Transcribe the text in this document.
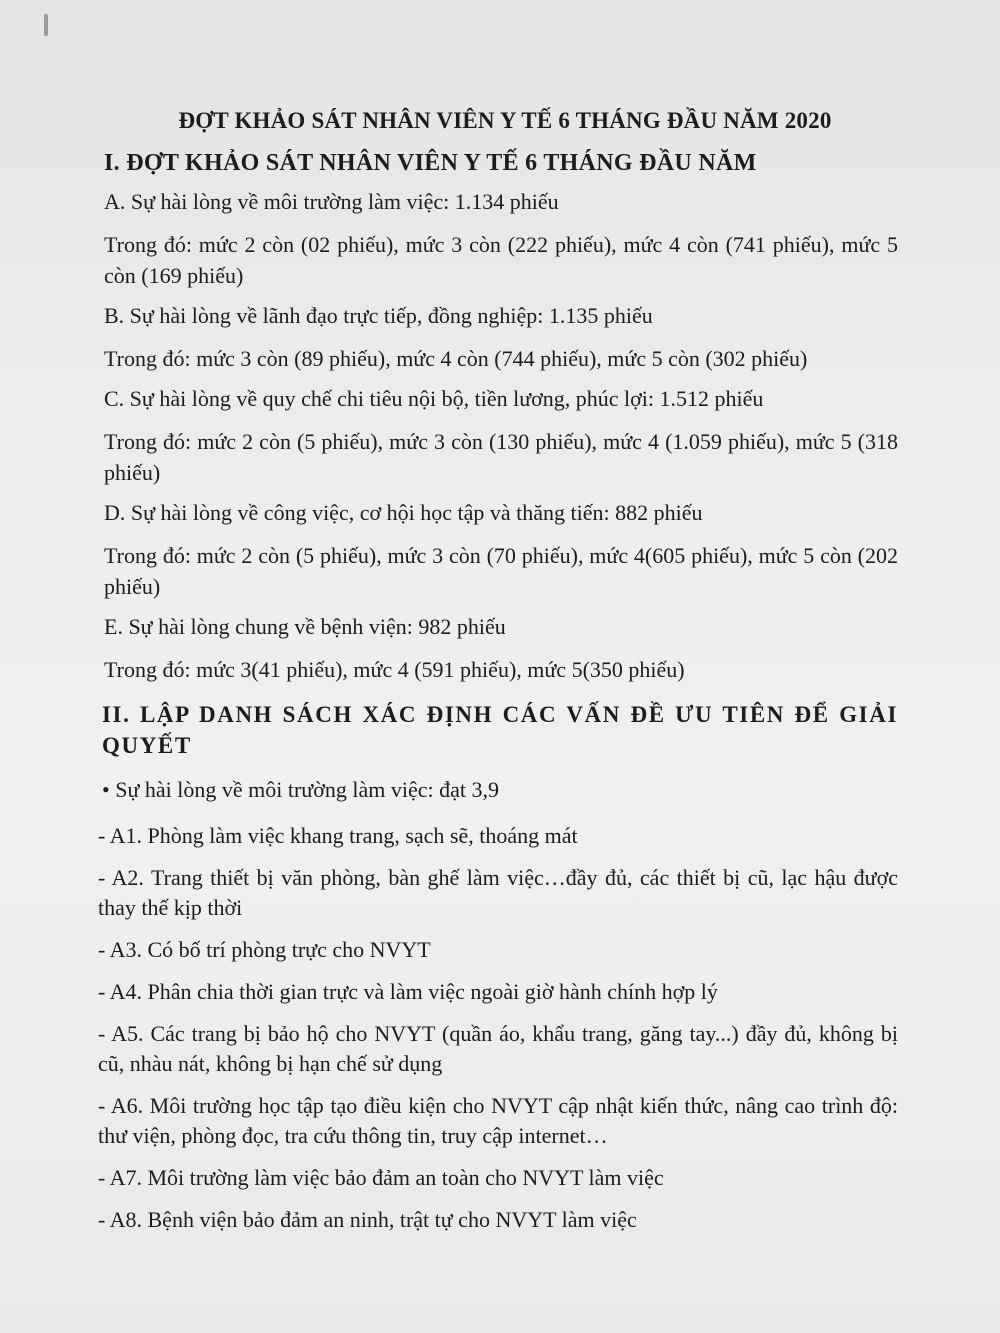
ĐỢT KHẢO SÁT NHÂN VIÊN Y TẾ 6 THÁNG ĐẦU NĂM 2020
I. ĐỢT KHẢO SÁT NHÂN VIÊN Y TẾ 6 THÁNG ĐẦU NĂM
A. Sự hài lòng về môi trường làm việc: 1.134 phiếu
Trong đó: mức 2 còn (02 phiếu), mức 3 còn (222 phiếu), mức 4 còn (741 phiếu), mức 5 còn (169 phiếu)
B. Sự hài lòng về lãnh đạo trực tiếp, đồng nghiệp: 1.135 phiếu
Trong đó: mức 3 còn (89 phiếu), mức 4 còn (744 phiếu), mức 5 còn (302 phiếu)
C. Sự hài lòng về quy chế chi tiêu nội bộ, tiền lương, phúc lợi: 1.512 phiếu
Trong đó: mức 2 còn (5 phiếu), mức 3 còn (130 phiếu), mức 4 (1.059 phiếu), mức 5 (318 phiếu)
D. Sự hài lòng về công việc, cơ hội học tập và thăng tiến: 882 phiếu
Trong đó: mức 2 còn (5 phiếu), mức 3 còn (70 phiếu), mức 4(605 phiếu), mức 5 còn (202 phiếu)
E. Sự hài lòng chung về bệnh viện: 982 phiếu
Trong đó: mức 3(41 phiếu), mức 4 (591 phiếu), mức 5(350 phiếu)
II. LẬP DANH SÁCH XÁC ĐỊNH CÁC VẤN ĐỀ ƯU TIÊN ĐỂ GIẢI QUYẾT
• Sự hài lòng về môi trường làm việc: đạt 3,9
- A1. Phòng làm việc khang trang, sạch sẽ, thoáng mát
- A2. Trang thiết bị văn phòng, bàn ghế làm việc…đầy đủ, các thiết bị cũ, lạc hậu được thay thế kịp thời
- A3. Có bố trí phòng trực cho NVYT
- A4. Phân chia thời gian trực và làm việc ngoài giờ hành chính hợp lý
- A5. Các trang bị bảo hộ cho NVYT (quần áo, khẩu trang, găng tay...) đầy đủ, không bị cũ, nhàu nát, không bị hạn chế sử dụng
- A6. Môi trường học tập tạo điều kiện cho NVYT cập nhật kiến thức, nâng cao trình độ: thư viện, phòng đọc, tra cứu thông tin, truy cập internet…
- A7. Môi trường làm việc bảo đảm an toàn cho NVYT làm việc
- A8. Bệnh viện bảo đảm an ninh, trật tự cho NVYT làm việc
